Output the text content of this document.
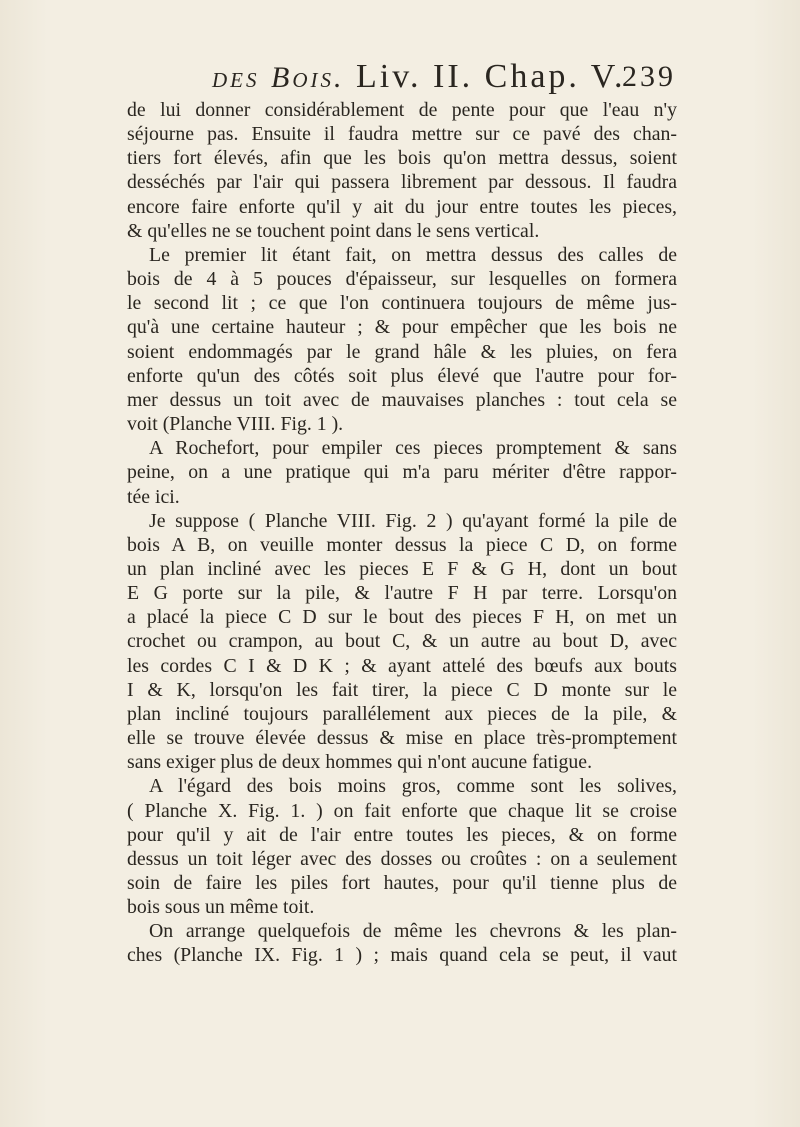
des Bois. Liv. II. Chap. V.
239
de lui donner considérablement de pente pour que l'eau n'y
séjourne pas. Ensuite il faudra mettre sur ce pavé des chan-
tiers fort élevés, afin que les bois qu'on mettra dessus, soient
desséchés par l'air qui passera librement par dessous. Il faudra
encore faire enforte qu'il y ait du jour entre toutes les pieces,
& qu'elles ne se touchent point dans le sens vertical.
Le premier lit étant fait, on mettra dessus des calles de
bois de 4 à 5 pouces d'épaisseur, sur lesquelles on formera
le second lit ; ce que l'on continuera toujours de même jus-
qu'à une certaine hauteur ; & pour empêcher que les bois ne
soient endommagés par le grand hâle & les pluies, on fera
enforte qu'un des côtés soit plus élevé que l'autre pour for-
mer dessus un toit avec de mauvaises planches : tout cela se
voit (Planche VIII. Fig. 1 ).
A Rochefort, pour empiler ces pieces promptement & sans
peine, on a une pratique qui m'a paru mériter d'être rappor-
tée ici.
Je suppose ( Planche VIII. Fig. 2 ) qu'ayant formé la pile de
bois A B, on veuille monter dessus la piece C D, on forme
un plan incliné avec les pieces E F & G H, dont un bout
E G porte sur la pile, & l'autre F H par terre. Lorsqu'on
a placé la piece C D sur le bout des pieces F H, on met un
crochet ou crampon, au bout C, & un autre au bout D, avec
les cordes C I & D K ; & ayant attelé des bœufs aux bouts
I & K, lorsqu'on les fait tirer, la piece C D monte sur le
plan incliné toujours parallélement aux pieces de la pile, &
elle se trouve élevée dessus & mise en place très-promptement
sans exiger plus de deux hommes qui n'ont aucune fatigue.
A l'égard des bois moins gros, comme sont les solives,
( Planche X. Fig. 1. ) on fait enforte que chaque lit se croise
pour qu'il y ait de l'air entre toutes les pieces, & on forme
dessus un toit léger avec des dosses ou croûtes : on a seulement
soin de faire les piles fort hautes, pour qu'il tienne plus de
bois sous un même toit.
On arrange quelquefois de même les chevrons & les plan-
ches (Planche IX. Fig. 1 ) ; mais quand cela se peut, il vaut
